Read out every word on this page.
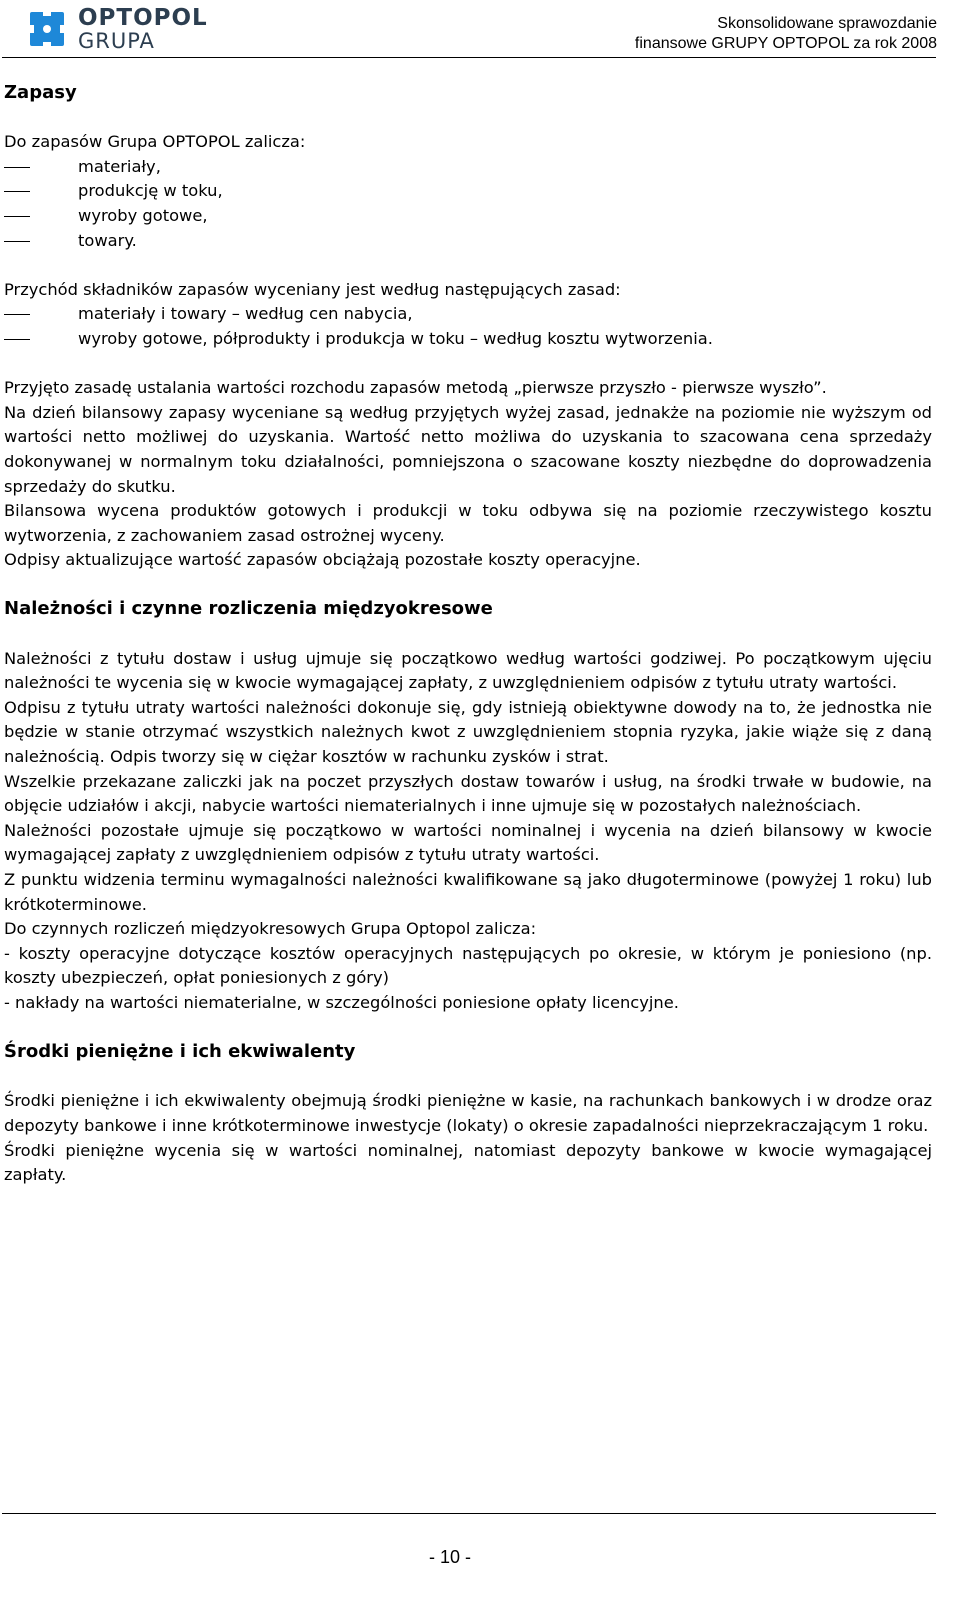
OPTOPOL
GRUPA
Skonsolidowane sprawozdanie
finansowe GRUPY OPTOPOL za rok 2008

Zapasy

Do zapasów Grupa OPTOPOL zalicza:

materiały,
produkcję w toku,
wyroby gotowe,
towary.

Przychód składników zapasów wyceniany jest według następujących zasad:

materiały i towary – według cen nabycia,
wyroby gotowe, półprodukty i produkcja w toku – według kosztu wytworzenia.

Przyjęto zasadę ustalania wartości rozchodu zapasów metodą „pierwsze przyszło - pierwsze wyszło”.

Na dzień bilansowy zapasy wyceniane są według przyjętych wyżej zasad, jednakże na poziomie nie wyższym od wartości netto możliwej do uzyskania. Wartość netto możliwa do uzyskania to szacowana cena sprzedaży dokonywanej w normalnym toku działalności, pomniejszona o szacowane koszty niezbędne do doprowadzenia sprzedaży do skutku.

Bilansowa wycena produktów gotowych i produkcji w toku odbywa się na poziomie rzeczywistego kosztu wytworzenia, z zachowaniem zasad ostrożnej wyceny.

Odpisy aktualizujące wartość zapasów obciążają pozostałe koszty operacyjne.

Należności i czynne rozliczenia międzyokresowe

Należności z tytułu dostaw i usług ujmuje się początkowo według wartości godziwej. Po początkowym ujęciu należności te wycenia się w kwocie wymagającej zapłaty, z uwzględnieniem odpisów z tytułu utraty wartości.

Odpisu z tytułu utraty wartości należności dokonuje się, gdy istnieją obiektywne dowody na to, że jednostka nie będzie w stanie otrzymać wszystkich należnych kwot z uwzględnieniem stopnia ryzyka, jakie wiąże się z daną należnością. Odpis tworzy się w ciężar kosztów w rachunku zysków i strat.

Wszelkie przekazane zaliczki jak na poczet przyszłych dostaw towarów i usług, na środki trwałe w budowie, na objęcie udziałów i akcji, nabycie wartości niematerialnych i inne ujmuje się w pozostałych należnościach.

Należności pozostałe ujmuje się początkowo w wartości nominalnej i wycenia na dzień bilansowy w kwocie wymagającej zapłaty z uwzględnieniem odpisów z tytułu utraty wartości.

Z punktu widzenia terminu wymagalności należności kwalifikowane są jako długoterminowe (powyżej 1 roku) lub krótkoterminowe.

Do czynnych rozliczeń międzyokresowych Grupa Optopol zalicza:

- koszty operacyjne dotyczące kosztów operacyjnych następujących po okresie, w którym je poniesiono (np. koszty ubezpieczeń, opłat poniesionych z góry)

- nakłady na wartości niematerialne, w szczególności poniesione opłaty licencyjne.

Środki pieniężne i ich ekwiwalenty

Środki pieniężne i ich ekwiwalenty obejmują środki pieniężne w kasie, na rachunkach bankowych i w drodze oraz depozyty bankowe i inne krótkoterminowe inwestycje (lokaty) o okresie zapadalności nieprzekraczającym 1 roku.

Środki pieniężne wycenia się w wartości nominalnej, natomiast depozyty bankowe w kwocie wymagającej zapłaty.

- 10 -
